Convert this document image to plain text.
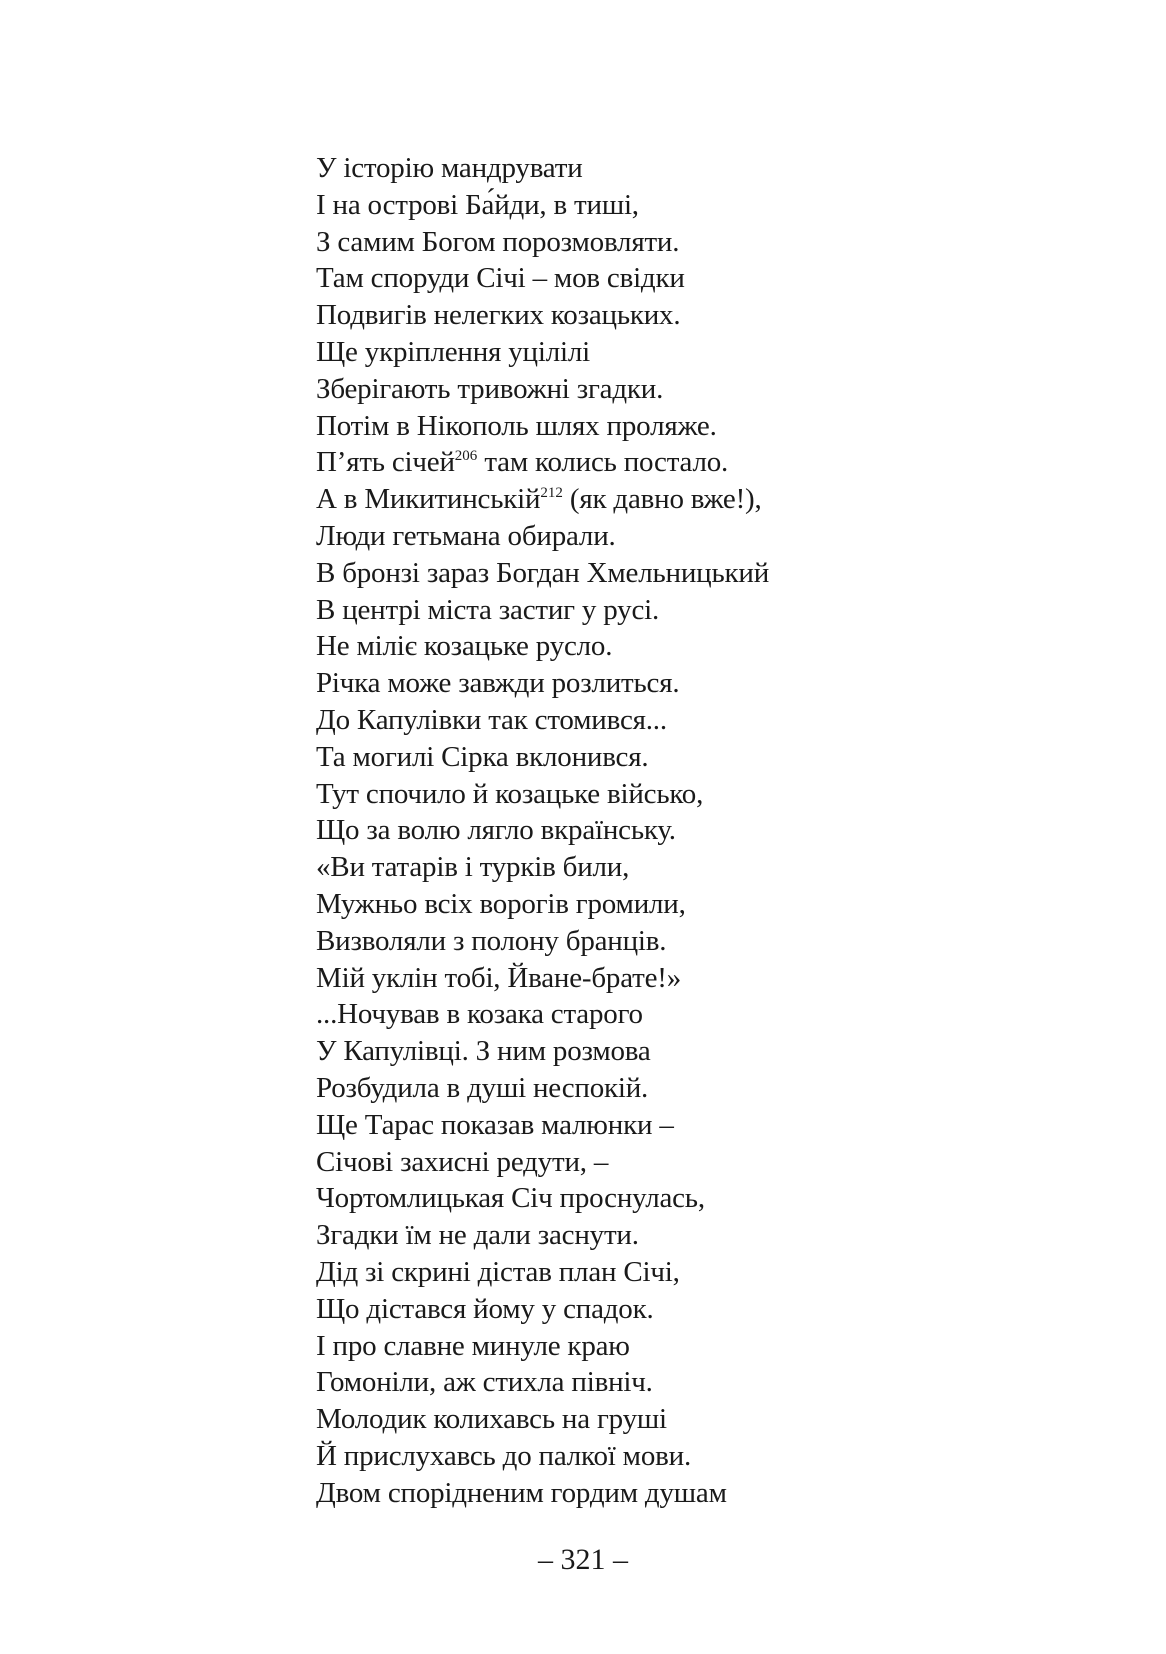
У історію мандрувати
І на острові Ба́йди, в тиші,
З самим Богом порозмовляти.
Там споруди Січі – мов свідки
Подвигів нелегких козацьких.
Ще укріплення уцілілі
Зберігають тривожні згадки.
Потім в Нікополь шлях проляже.
П’ять січей$^{206}$ там колись постало.
А в Микитинській$^{212}$ (як давно вже!),
Люди гетьмана обирали.
В бронзі зараз Богдан Хмельницький
В центрі міста застиг у русі.
Не міліє козацьке русло.
Річка може завжди розлиться.
До Капулівки так стомився...
Та могилі Сірка вклонився.
Тут спочило й козацьке військо,
Що за волю лягло вкраїнську.
«Ви татарів і турків били,
Мужньо всіх ворогів громили,
Визволяли з полону бранців.
Мій уклін тобі, Йване-брате!»
...Ночував в козака старого
У Капулівці. З ним розмова
Розбудила в душі неспокій.
Ще Тарас показав малюнки –
Січові захисні редути, –
Чортомлицькая Січ проснулась,
Згадки їм не дали заснути.
Дід зі скрині дістав план Січі,
Що дістався йому у спадок.
І про славне минуле краю
Гомоніли, аж стихла північ.
Молодик колихавсь на груші
Й прислухавсь до палкої мови.
Двом спорідненим гордим душам
– 321 –
